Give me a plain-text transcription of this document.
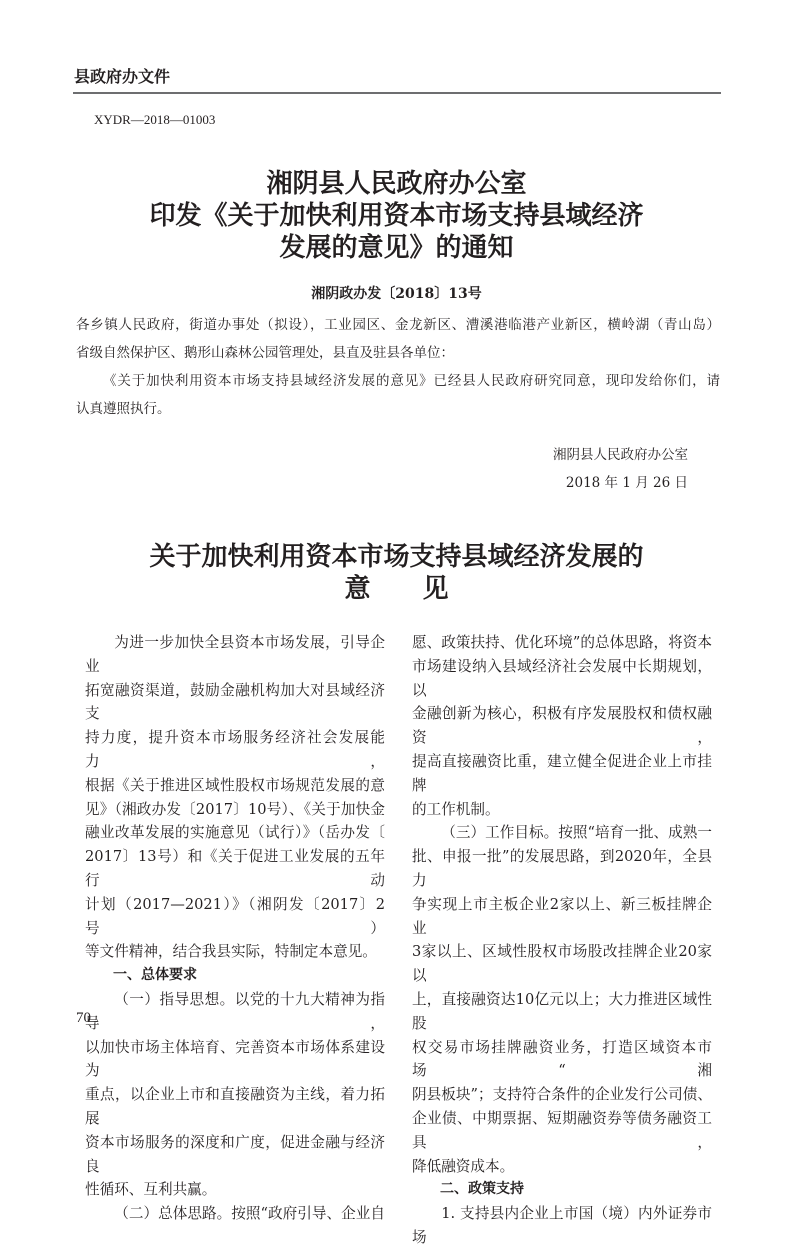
县政府办文件
XYDR—2018—01003
湘阴县人民政府办公室
印发《关于加快利用资本市场支持县域经济
发展的意见》的通知
湘阴政办发〔2018〕13号
各乡镇人民政府，街道办事处（拟设），工业园区、金龙新区、漕溪港临港产业新区，横岭湖（青山岛）
省级自然保护区、鹅形山森林公园管理处，县直及驻县各单位：
《关于加快利用资本市场支持县域经济发展的意见》已经县人民政府研究同意，现印发给你们，请
认真遵照执行。
湘阴县人民政府办公室
2018 年 1 月 26 日
关于加快利用资本市场支持县域经济发展的
意　　见
为进一步加快全县资本市场发展，引导企业
拓宽融资渠道，鼓励金融机构加大对县域经济支
持力度，提升资本市场服务经济社会发展能力，
根据《关于推进区域性股权市场规范发展的意
见》（湘政办发〔2017〕10号）、《关于加快金
融业改革发展的实施意见（试行）》（岳办发〔
2017〕13号）和《关于促进工业发展的五年行动
计划（2017—2021）》（湘阴发〔2017〕2号）
等文件精神，结合我县实际，特制定本意见。
一、总体要求
（一）指导思想。以党的十九大精神为指导，
以加快市场主体培育、完善资本市场体系建设为
重点，以企业上市和直接融资为主线，着力拓展
资本市场服务的深度和广度，促进金融与经济良
性循环、互利共赢。
（二）总体思路。按照“政府引导、企业自
愿、政策扶持、优化环境”的总体思路，将资本
市场建设纳入县域经济社会发展中长期规划，以
金融创新为核心，积极有序发展股权和债权融资，
提高直接融资比重，建立健全促进企业上市挂牌
的工作机制。
（三）工作目标。按照“培育一批、成熟一
批、申报一批”的发展思路，到2020年，全县力
争实现上市主板企业2家以上、新三板挂牌企业
3家以上、区域性股权市场股改挂牌企业20家以
上，直接融资达10亿元以上；大力推进区域性股
权交易市场挂牌融资业务，打造区域资本市场“湘
阴县板块”；支持符合条件的企业发行公司债、
企业债、中期票据、短期融资券等债务融资工具，
降低融资成本。
二、政策支持
1. 支持县内企业上市国（境）内外证券市场
70
